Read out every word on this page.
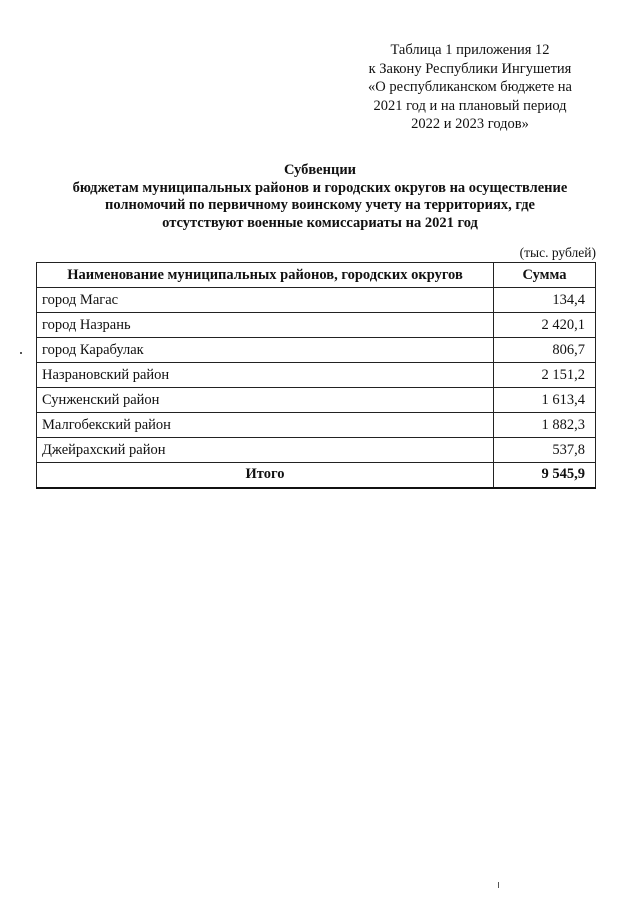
Таблица 1 приложения 12
к Закону Республики Ингушетия
«О республиканском бюджете на
2021 год и на плановый период
2022 и 2023 годов»
Субвенции
бюджетам муниципальных районов и городских округов на осуществление
полномочий по первичному воинскому учету на территориях, где
отсутствуют военные комиссариаты на 2021 год
(тыс. рублей)
Наименование муниципальных районов, городских округов	Сумма
город Магас	134,4
город Назрань	2 420,1
город Карабулак	806,7
Назрановский район	2 151,2
Сунженский район	1 613,4
Малгобекский район	1 882,3
Джейрахский район	537,8
Итого	9 545,9
